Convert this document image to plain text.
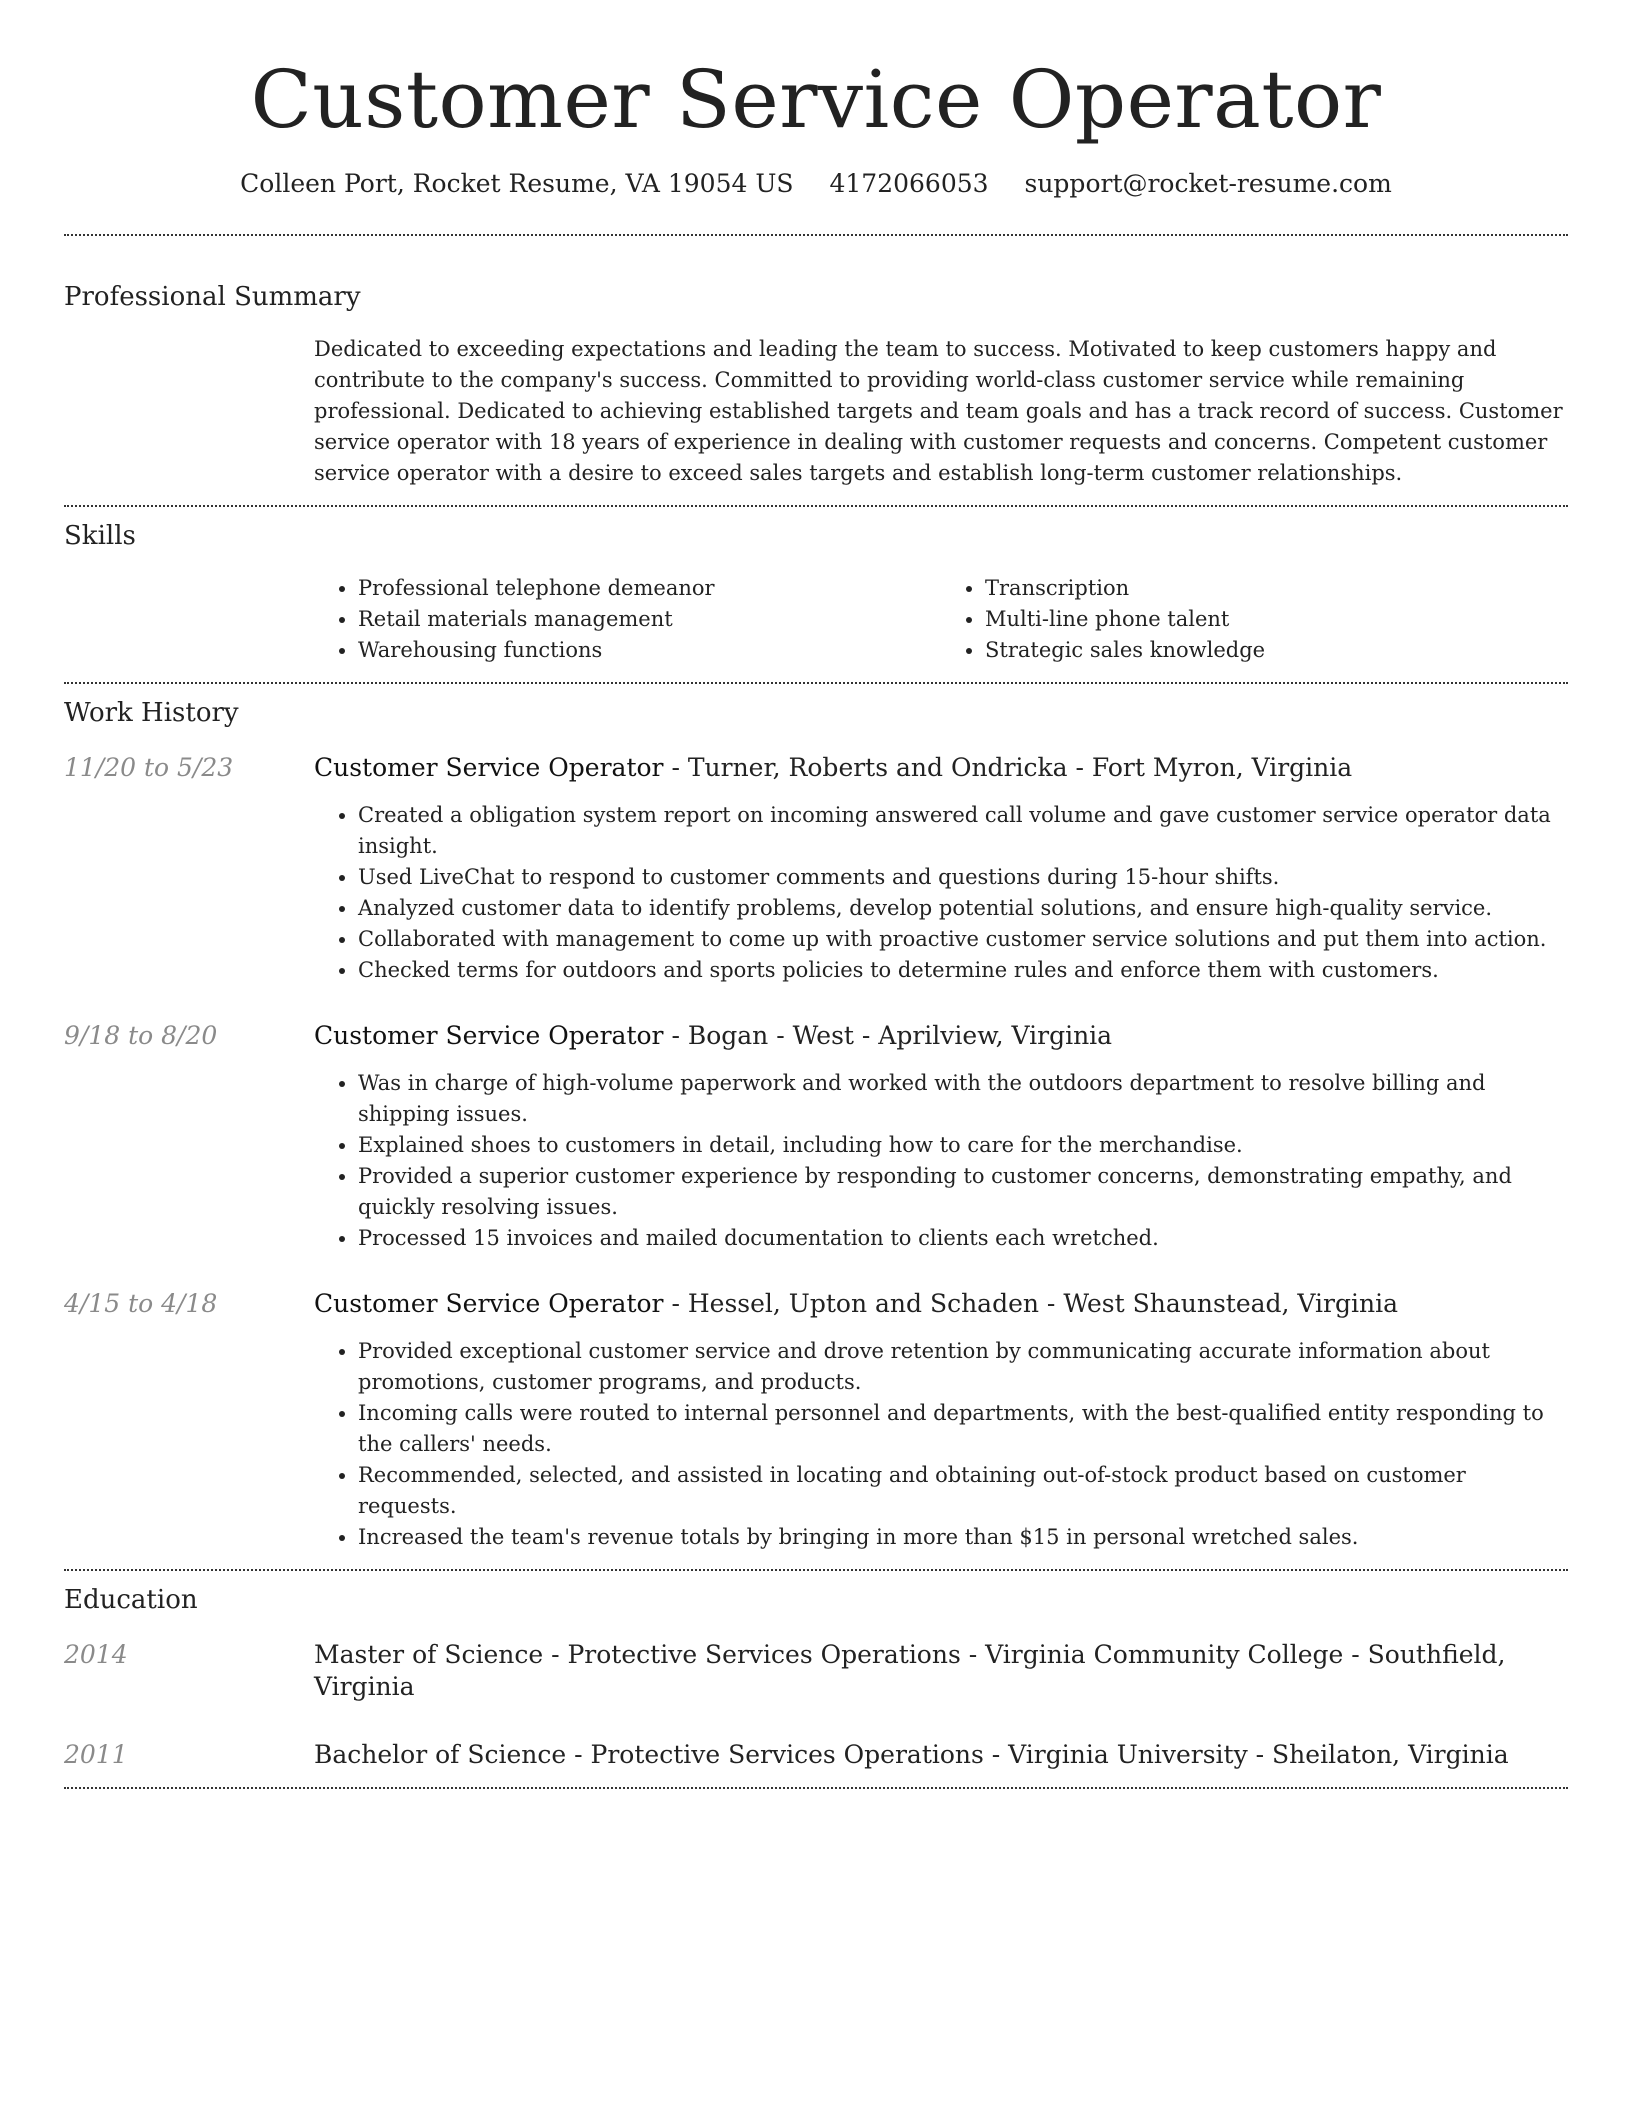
Customer Service Operator
Colleen Port, Rocket Resume, VA 19054 US 4172066053 support@rocket-resume.com
Professional Summary

Dedicated to exceeding expectations and leading the team to success. Motivated to keep customers happy and contribute to the company's success. Committed to providing world-class customer service while remaining professional. Dedicated to achieving established targets and team goals and has a track record of success. Customer service operator with 18 years of experience in dealing with customer requests and concerns. Competent customer service operator with a desire to exceed sales targets and establish long-term customer relationships.

Skills
• Professional telephone demeanor
• Retail materials management
• Warehousing functions
• Transcription
• Multi-line phone talent
• Strategic sales knowledge
Work History
11/20 to 5/23	Customer Service Operator - Turner, Roberts and Ondricka - Fort Myron, Virginia
• Created a obligation system report on incoming answered call volume and gave customer service operator data insight.
• Used LiveChat to respond to customer comments and questions during 15-hour shifts.
• Analyzed customer data to identify problems, develop potential solutions, and ensure high-quality service.
• Collaborated with management to come up with proactive customer service solutions and put them into action.
• Checked terms for outdoors and sports policies to determine rules and enforce them with customers.
9/18 to 8/20	Customer Service Operator - Bogan - West - Aprilview, Virginia
• Was in charge of high-volume paperwork and worked with the outdoors department to resolve billing and shipping issues.
• Explained shoes to customers in detail, including how to care for the merchandise.
• Provided a superior customer experience by responding to customer concerns, demonstrating empathy, and quickly resolving issues.
• Processed 15 invoices and mailed documentation to clients each wretched.
4/15 to 4/18	Customer Service Operator - Hessel, Upton and Schaden - West Shaunstead, Virginia
• Provided exceptional customer service and drove retention by communicating accurate information about promotions, customer programs, and products.
• Incoming calls were routed to internal personnel and departments, with the best-qualified entity responding to the callers' needs.
• Recommended, selected, and assisted in locating and obtaining out-of-stock product based on customer requests.
• Increased the team's revenue totals by bringing in more than $15 in personal wretched sales.
Education
2014	Master of Science - Protective Services Operations - Virginia Community College - Southfield, Virginia
2011	Bachelor of Science - Protective Services Operations - Virginia University - Sheilaton, Virginia
